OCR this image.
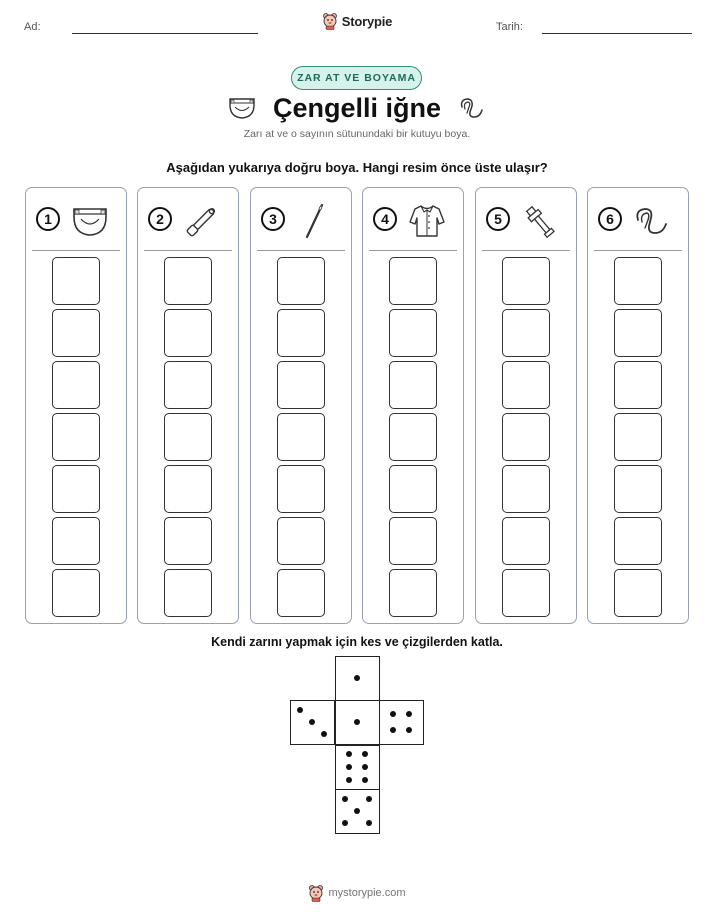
Ad:	Tarih:
Storypie
ZAR AT VE BOYAMA
Çengelli iğne
Zarı at ve o sayının sütunundaki bir kutuyu boya.
Aşağıdan yukarıya doğru boya. Hangi resim önce üste ulaşır?
1	2	3	4	5	6
Kendi zarını yapmak için kes ve çizgilerden katla.
mystorypie.com
